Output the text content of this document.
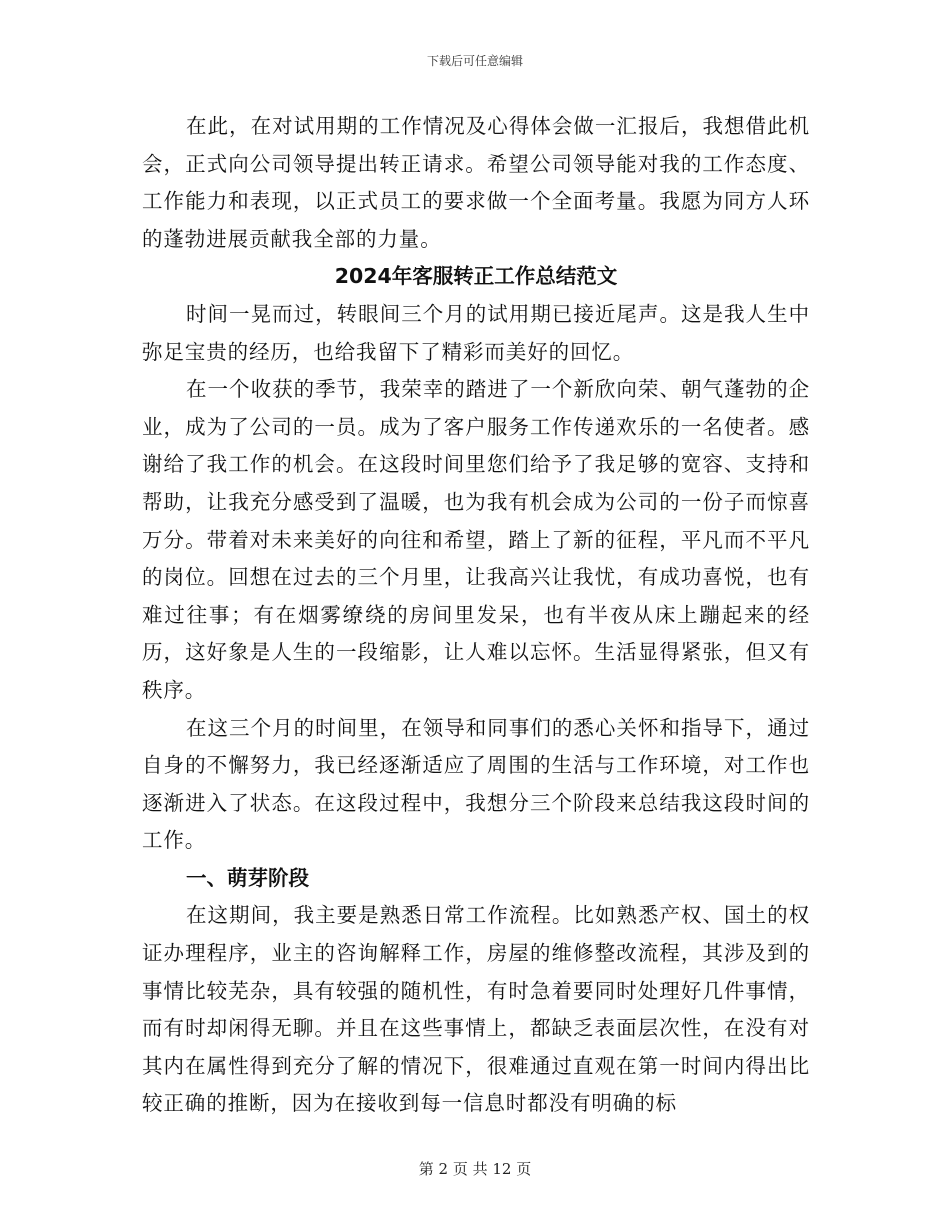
下载后可任意编辑

在此，在对试用期的工作情况及心得体会做一汇报后，我想借此机会，正式向公司领导提出转正请求。希望公司领导能对我的工作态度、工作能力和表现，以正式员工的要求做一个全面考量。我愿为同方人环的蓬勃进展贡献我全部的力量。

2024年客服转正工作总结范文

时间一晃而过，转眼间三个月的试用期已接近尾声。这是我人生中弥足宝贵的经历，也给我留下了精彩而美好的回忆。

在一个收获的季节，我荣幸的踏进了一个新欣向荣、朝气蓬勃的企业，成为了公司的一员。成为了客户服务工作传递欢乐的一名使者。感谢给了我工作的机会。在这段时间里您们给予了我足够的宽容、支持和帮助，让我充分感受到了温暖，也为我有机会成为公司的一份子而惊喜万分。带着对未来美好的向往和希望，踏上了新的征程，平凡而不平凡的岗位。回想在过去的三个月里，让我高兴让我忧，有成功喜悦，也有难过往事；有在烟雾缭绕的房间里发呆，也有半夜从床上蹦起来的经历，这好象是人生的一段缩影，让人难以忘怀。生活显得紧张，但又有秩序。

在这三个月的时间里，在领导和同事们的悉心关怀和指导下，通过自身的不懈努力，我已经逐渐适应了周围的生活与工作环境，对工作也逐渐进入了状态。在这段过程中，我想分三个阶段来总结我这段时间的工作。

一、萌芽阶段

在这期间，我主要是熟悉日常工作流程。比如熟悉产权、国土的权证办理程序，业主的咨询解释工作，房屋的维修整改流程，其涉及到的事情比较芜杂，具有较强的随机性，有时急着要同时处理好几件事情，而有时却闲得无聊。并且在这些事情上，都缺乏表面层次性，在没有对其内在属性得到充分了解的情况下，很难通过直观在第一时间内得出比较正确的推断，因为在接收到每一信息时都没有明确的标

第 2 页 共 12 页
